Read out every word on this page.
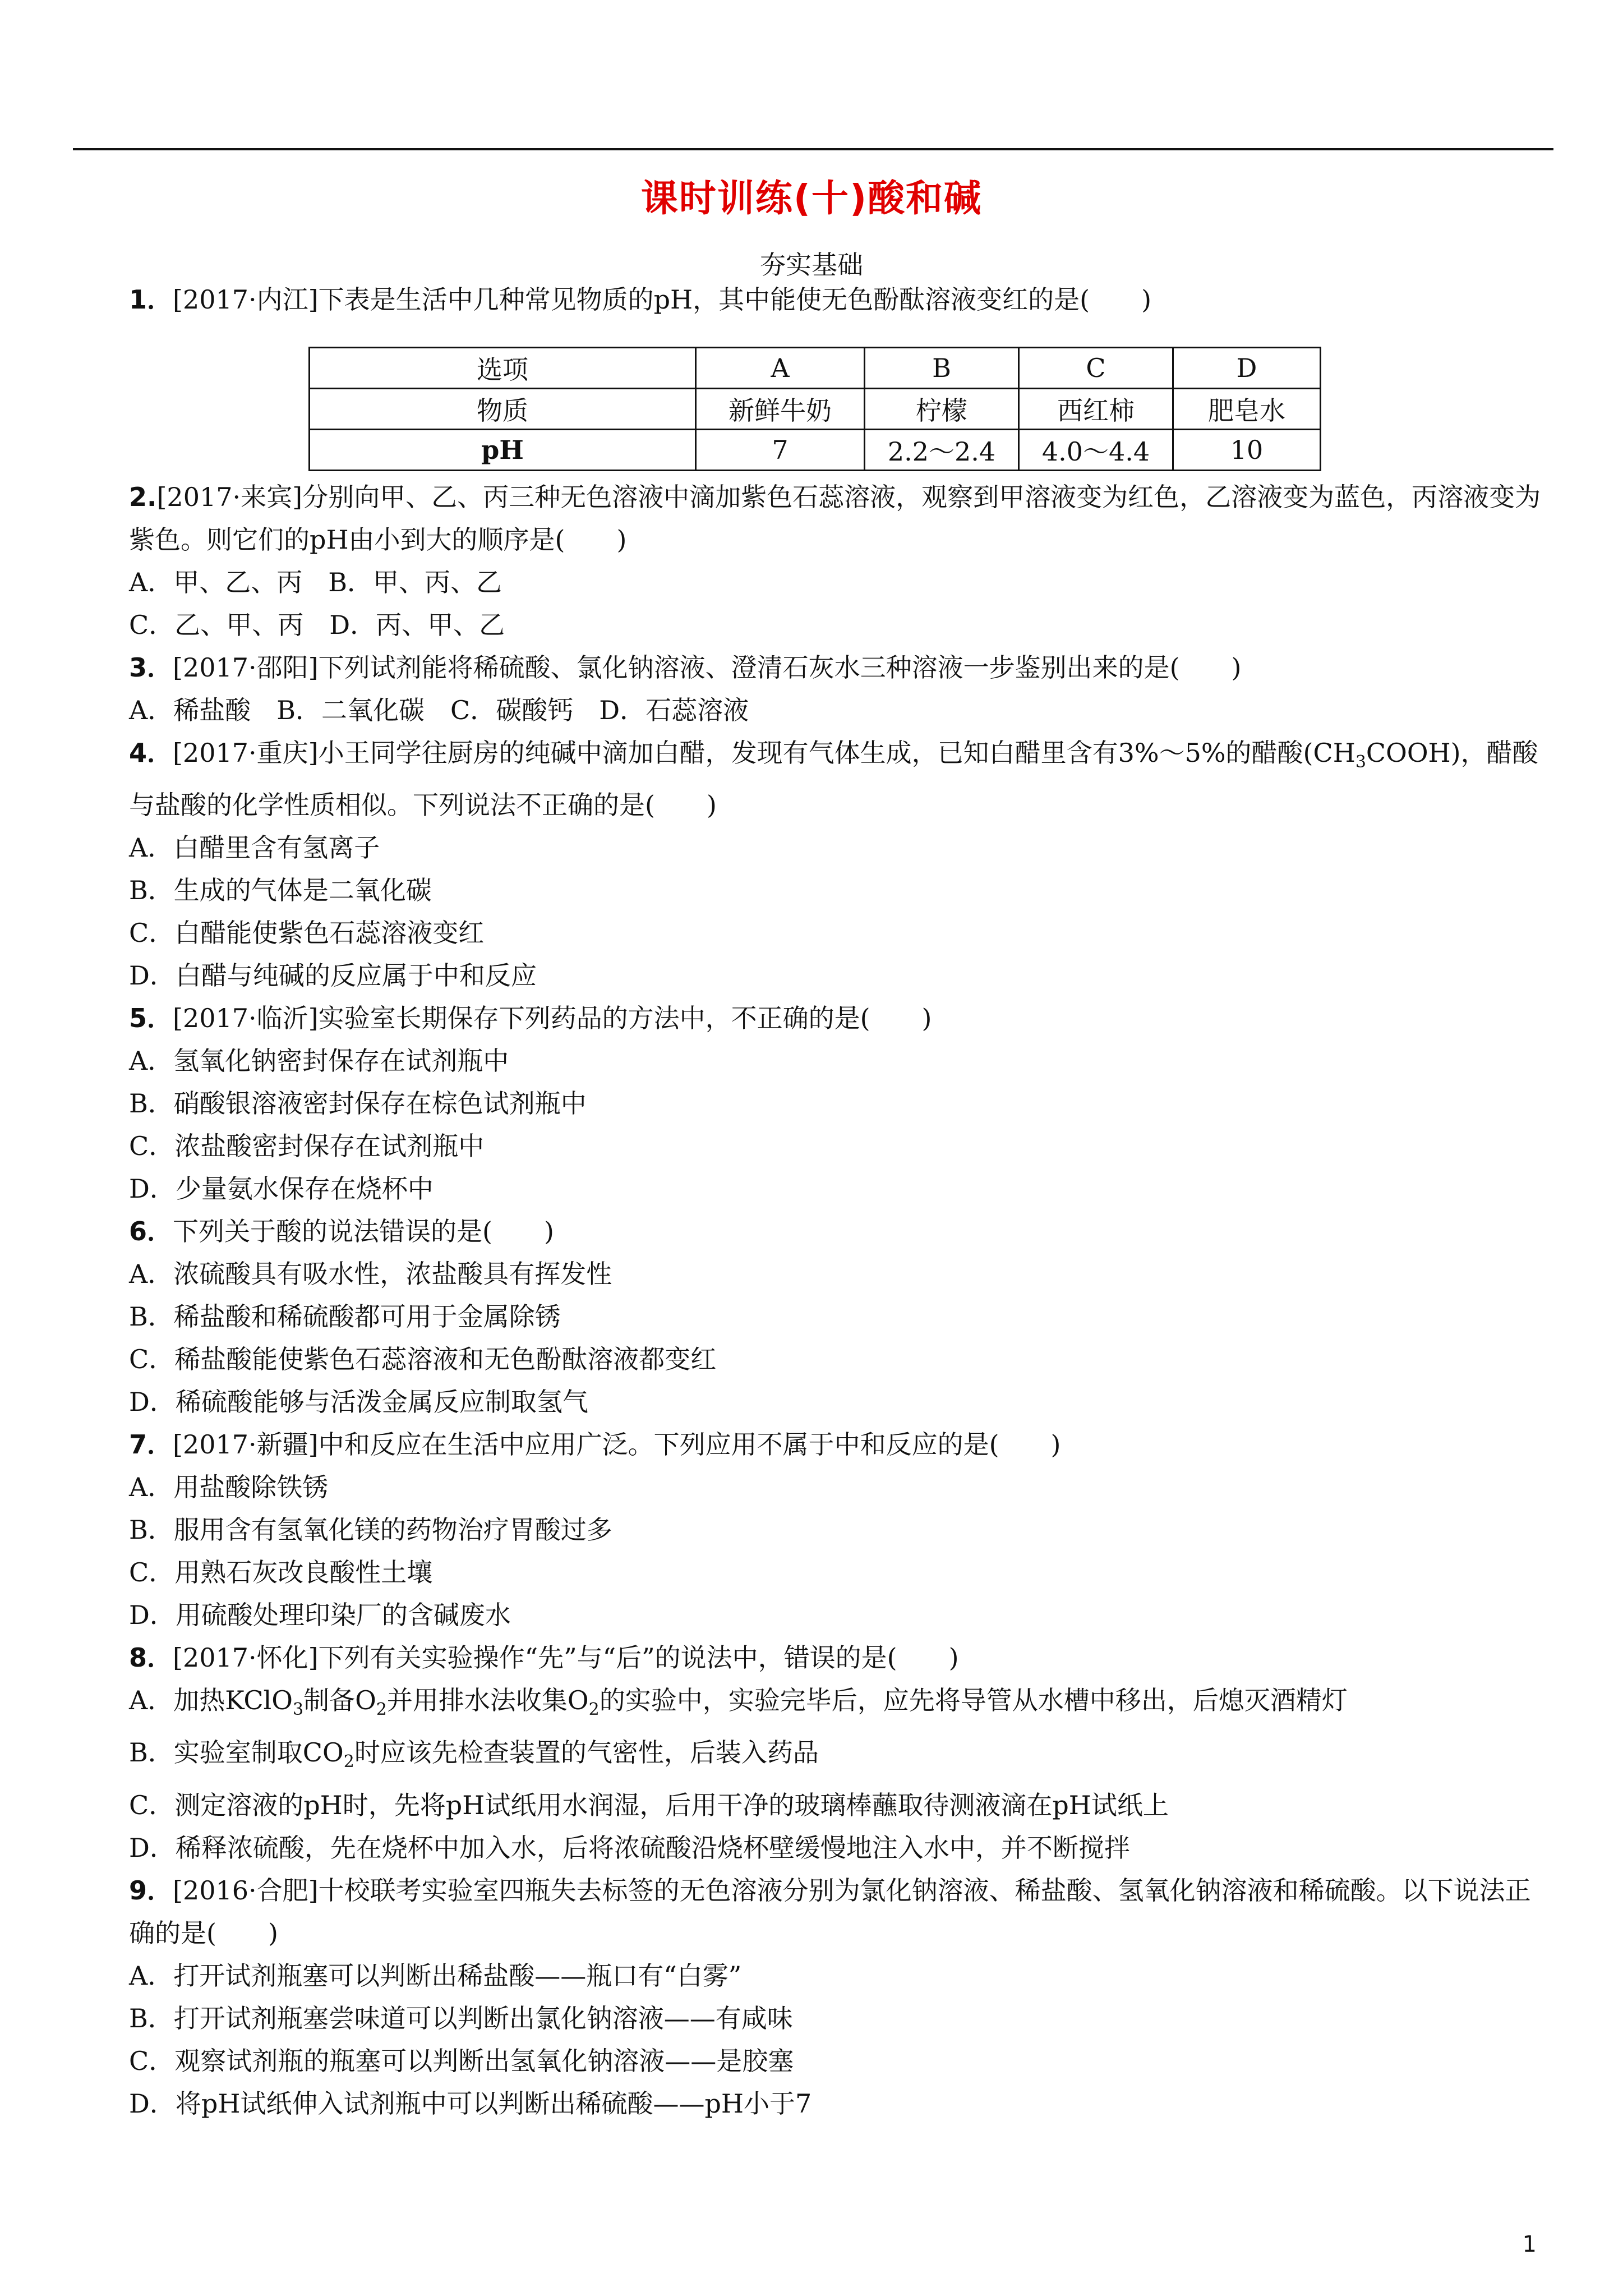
课时训练(十)酸和碱
夯实基础
1．[2017·内江]下表是生活中几种常见物质的pH，其中能使无色酚酞溶液变红的是(　　)
选项	A	B	C	D
物质	新鲜牛奶	柠檬	西红柿	肥皂水
pH	7	2.2～2.4	4.0～4.4	10
2.[2017·来宾]分别向甲、乙、丙三种无色溶液中滴加紫色石蕊溶液，观察到甲溶液变为红色，乙溶液变为蓝色，丙溶液变为紫色。则它们的pH由小到大的顺序是(　　)
A．甲、乙、丙　B．甲、丙、乙
C．乙、甲、丙　D．丙、甲、乙
3．[2017·邵阳]下列试剂能将稀硫酸、氯化钠溶液、澄清石灰水三种溶液一步鉴别出来的是(　　)
A．稀盐酸　B．二氧化碳　C．碳酸钙　D．石蕊溶液
4．[2017·重庆]小王同学往厨房的纯碱中滴加白醋，发现有气体生成，已知白醋里含有3%～5%的醋酸$(CH_3COOH)$，醋酸与盐酸的化学性质相似。下列说法不正确的是(　　)
A．白醋里含有氢离子
B．生成的气体是二氧化碳
C．白醋能使紫色石蕊溶液变红
D．白醋与纯碱的反应属于中和反应
5．[2017·临沂]实验室长期保存下列药品的方法中，不正确的是(　　)
A．氢氧化钠密封保存在试剂瓶中
B．硝酸银溶液密封保存在棕色试剂瓶中
C．浓盐酸密封保存在试剂瓶中
D．少量氨水保存在烧杯中
6．下列关于酸的说法错误的是(　　)
A．浓硫酸具有吸水性，浓盐酸具有挥发性
B．稀盐酸和稀硫酸都可用于金属除锈
C．稀盐酸能使紫色石蕊溶液和无色酚酞溶液都变红
D．稀硫酸能够与活泼金属反应制取氢气
7．[2017·新疆]中和反应在生活中应用广泛。下列应用不属于中和反应的是(　　)
A．用盐酸除铁锈
B．服用含有氢氧化镁的药物治疗胃酸过多
C．用熟石灰改良酸性土壤
D．用硫酸处理印染厂的含碱废水
8．[2017·怀化]下列有关实验操作“先”与“后”的说法中，错误的是(　　)
A．加热KClO$_3$制备$O_2$并用排水法收集$O_2$的实验中，实验完毕后，应先将导管从水槽中移出，后熄灭酒精灯
B．实验室制取$CO_2$时应该先检查装置的气密性，后装入药品
C．测定溶液的pH时，先将pH试纸用水润湿，后用干净的玻璃棒蘸取待测液滴在pH试纸上
D．稀释浓硫酸，先在烧杯中加入水，后将浓硫酸沿烧杯壁缓慢地注入水中，并不断搅拌
9．[2016·合肥]十校联考实验室四瓶失去标签的无色溶液分别为氯化钠溶液、稀盐酸、氢氧化钠溶液和稀硫酸。以下说法正确的是(　　)
A．打开试剂瓶塞可以判断出稀盐酸——瓶口有“白雾”
B．打开试剂瓶塞尝味道可以判断出氯化钠溶液——有咸味
C．观察试剂瓶的瓶塞可以判断出氢氧化钠溶液——是胶塞
D．将pH试纸伸入试剂瓶中可以判断出稀硫酸——pH小于7
1
